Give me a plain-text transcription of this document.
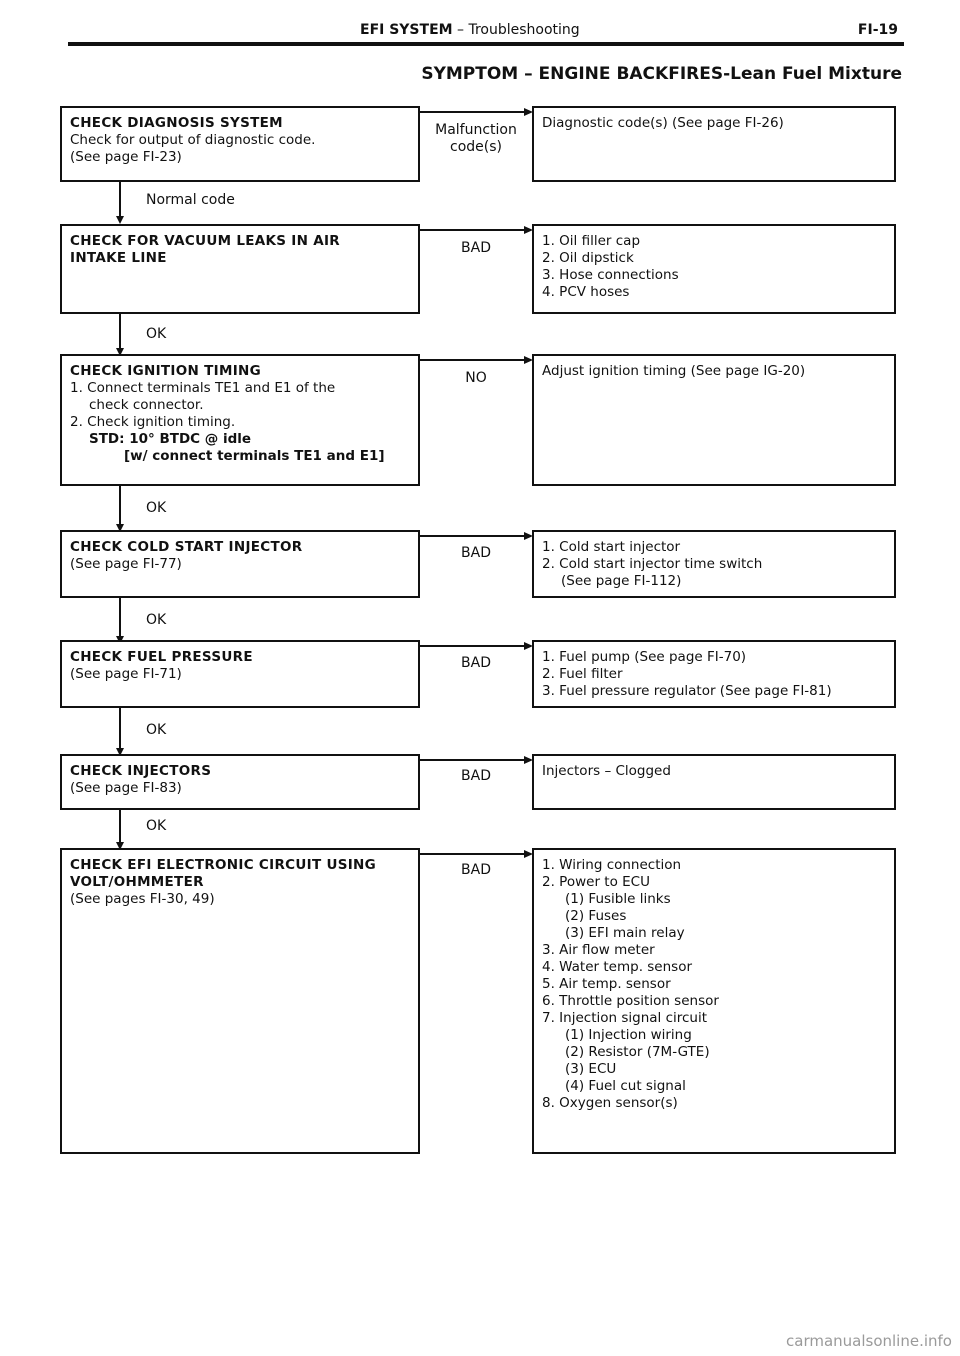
EFI SYSTEM – Troubleshooting	FI-19
SYMPTOM – ENGINE BACKFIRES-Lean Fuel Mixture
CHECK DIAGNOSIS SYSTEM
Check for output of diagnostic code.
(See page FI-23)
Malfunction code(s)
Diagnostic code(s) (See page FI-26)
Normal code
CHECK FOR VACUUM LEAKS IN AIR INTAKE LINE
BAD	1. Oil filler cap
2. Oil dipstick
3. Hose connections
4. PCV hoses
OK
CHECK IGNITION TIMING
1. Connect terminals TE1 and E1 of the
check connector.
2. Check ignition timing.
STD: 10° BTDC @ idle
[w/ connect terminals TE1 and E1]
NO	Adjust ignition timing (See page IG-20)
OK
CHECK COLD START INJECTOR
(See page FI-77)
BAD	1. Cold start injector
2. Cold start injector time switch
(See page FI-112)
OK
CHECK FUEL PRESSURE
(See page FI-71)
BAD	1. Fuel pump (See page FI-70)
2. Fuel filter
3. Fuel pressure regulator (See page FI-81)
OK
CHECK INJECTORS
(See page FI-83)
BAD	Injectors – Clogged
OK
CHECK EFI ELECTRONIC CIRCUIT USING VOLT/OHMMETER
(See pages FI-30, 49)
BAD	1. Wiring connection
2. Power to ECU
(1) Fusible links
(2) Fuses
(3) EFI main relay
3. Air flow meter
4. Water temp. sensor
5. Air temp. sensor
6. Throttle position sensor
7. Injection signal circuit
(1) Injection wiring
(2) Resistor (7M-GTE)
(3) ECU
(4) Fuel cut signal
8. Oxygen sensor(s)
carmanualsonline.info
